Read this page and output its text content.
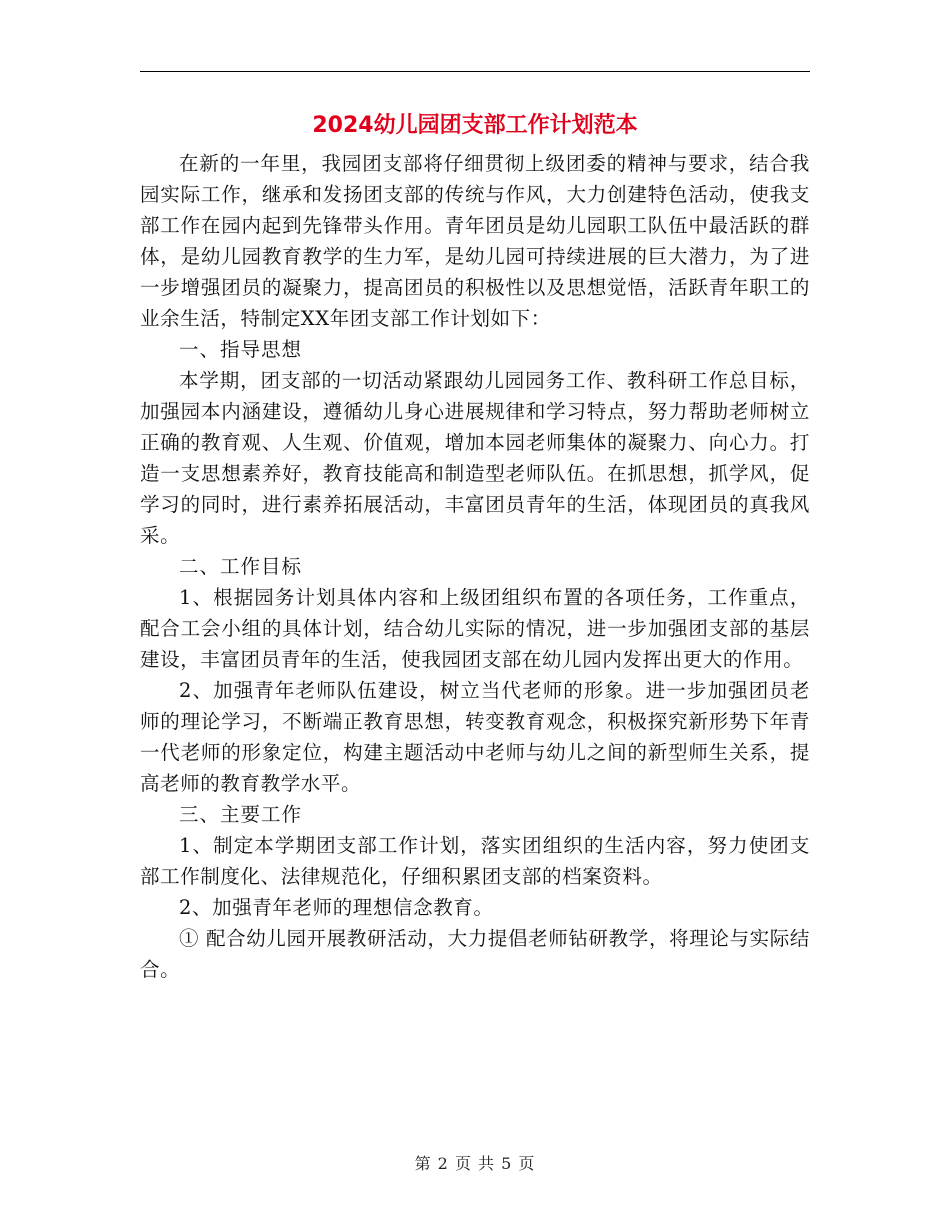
2024幼儿园团支部工作计划范本

在新的一年里，我园团支部将仔细贯彻上级团委的精神与要求，结合我园实际工作，继承和发扬团支部的传统与作风，大力创建特色活动，使我支部工作在园内起到先锋带头作用。青年团员是幼儿园职工队伍中最活跃的群体，是幼儿园教育教学的生力军，是幼儿园可持续进展的巨大潜力，为了进一步增强团员的凝聚力，提高团员的积极性以及思想觉悟，活跃青年职工的业余生活，特制定XX年团支部工作计划如下：

一、指导思想

本学期，团支部的一切活动紧跟幼儿园园务工作、教科研工作总目标，加强园本内涵建设，遵循幼儿身心进展规律和学习特点，努力帮助老师树立正确的教育观、人生观、价值观，增加本园老师集体的凝聚力、向心力。打造一支思想素养好，教育技能高和制造型老师队伍。在抓思想，抓学风，促学习的同时，进行素养拓展活动，丰富团员青年的生活，体现团员的真我风采。

二、工作目标

1、根据园务计划具体内容和上级团组织布置的各项任务，工作重点，配合工会小组的具体计划，结合幼儿实际的情况，进一步加强团支部的基层建设，丰富团员青年的生活，使我园团支部在幼儿园内发挥出更大的作用。

2、加强青年老师队伍建设，树立当代老师的形象。进一步加强团员老师的理论学习，不断端正教育思想，转变教育观念，积极探究新形势下年青一代老师的形象定位，构建主题活动中老师与幼儿之间的新型师生关系，提高老师的教育教学水平。

三、主要工作

1、制定本学期团支部工作计划，落实团组织的生活内容，努力使团支部工作制度化、法律规范化，仔细积累团支部的档案资料。

2、加强青年老师的理想信念教育。

① 配合幼儿园开展教研活动，大力提倡老师钻研教学，将理论与实际结合。

第 2 页 共 5 页
